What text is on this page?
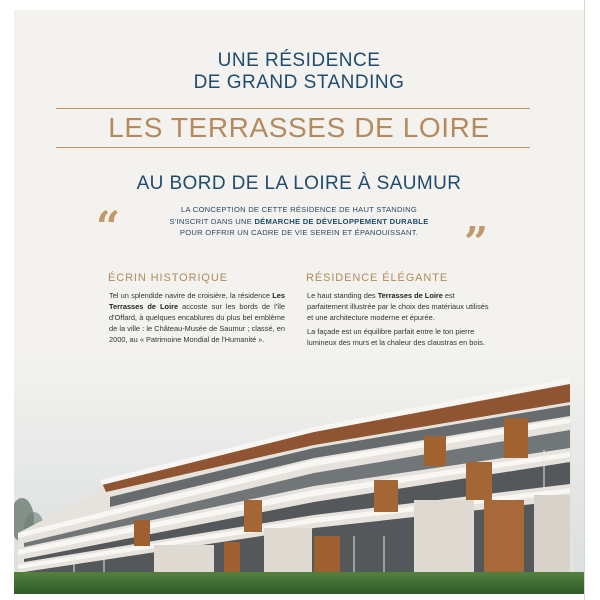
UNE RÉSIDENCE
DE GRAND STANDING
LES TERRASSES DE LOIRE
AU BORD DE LA LOIRE À SAUMUR
“	LA CONCEPTION DE CETTE RÉSIDENCE DE HAUT STANDING
S'INSCRIT DANS UNE DÉMARCHE DE DÉVELOPPEMENT DURABLE
POUR OFFRIR UN CADRE DE VIE SEREIN ET ÉPANOUISSANT.	”
ÉCRIN HISTORIQUE

Tel un splendide navire de croisière, la résidence Les Terrasses de Loire accoste sur les bords de l'île d'Offard, à quelques encablures du plus bel emblème de la ville : le Château-Musée de Saumur ; classé, en 2000, au « Patrimoine Mondial de l'Humanité ».

RÉSIDENCE ÉLÉGANTE

Le haut standing des Terrasses de Loire est parfaitement illustrée par le choix des matériaux utilisés et une architecture moderne et épurée.

La façade est un équilibre parfait entre le ton pierre lumineux des murs et la chaleur des claustras en bois.
